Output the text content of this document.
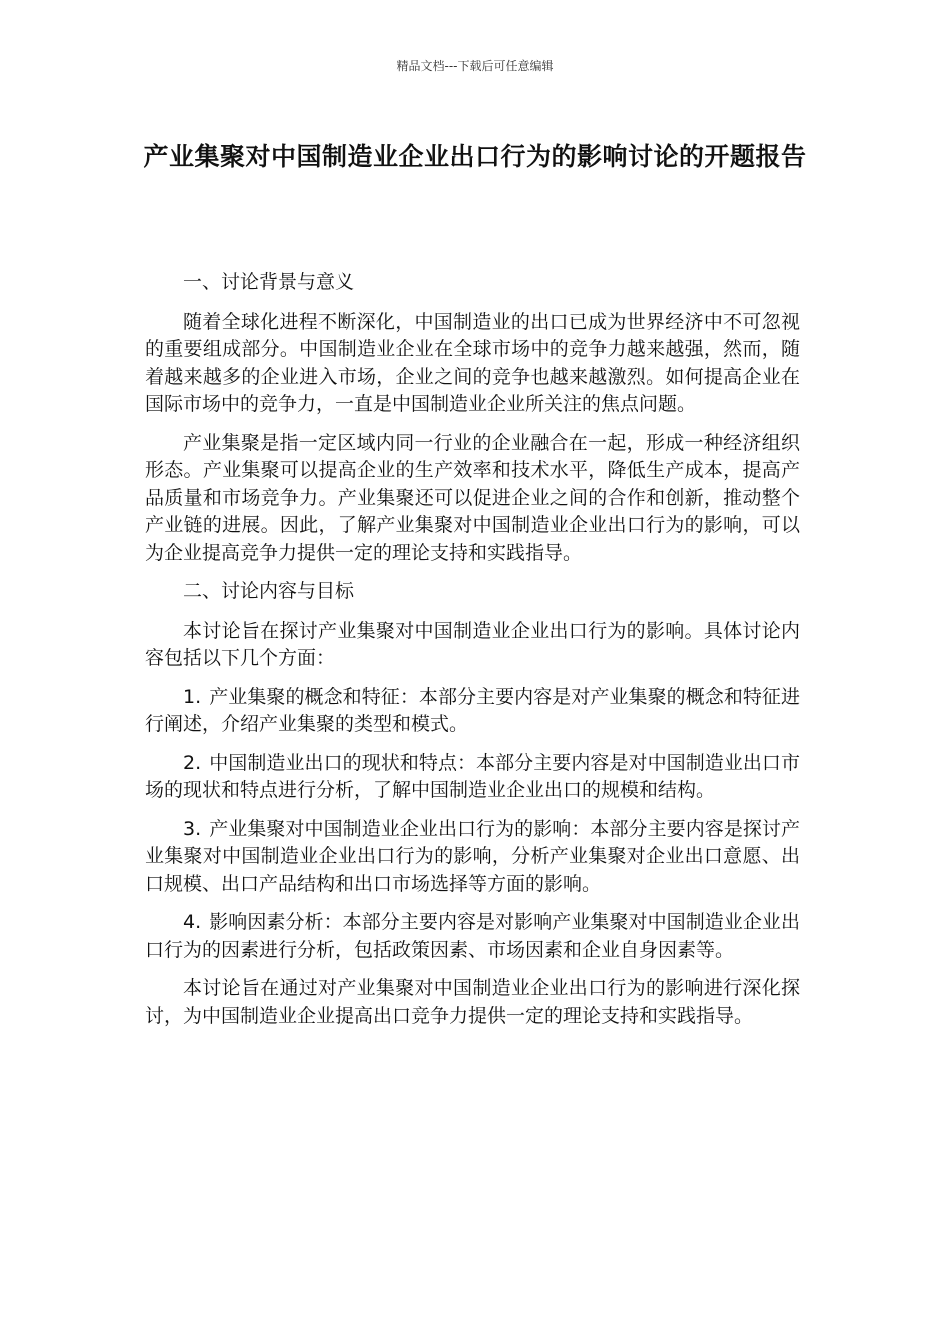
精品文档---下载后可任意编辑
产业集聚对中国制造业企业出口行为的影响讨论的开题报告
一、讨论背景与意义

随着全球化进程不断深化，中国制造业的出口已成为世界经济中不可忽视的重要组成部分。中国制造业企业在全球市场中的竞争力越来越强，然而，随着越来越多的企业进入市场，企业之间的竞争也越来越激烈。如何提高企业在国际市场中的竞争力，一直是中国制造业企业所关注的焦点问题。

产业集聚是指一定区域内同一行业的企业融合在一起，形成一种经济组织形态。产业集聚可以提高企业的生产效率和技术水平，降低生产成本，提高产品质量和市场竞争力。产业集聚还可以促进企业之间的合作和创新，推动整个产业链的进展。因此，了解产业集聚对中国制造业企业出口行为的影响，可以为企业提高竞争力提供一定的理论支持和实践指导。

二、讨论内容与目标

本讨论旨在探讨产业集聚对中国制造业企业出口行为的影响。具体讨论内容包括以下几个方面：

1. 产业集聚的概念和特征：本部分主要内容是对产业集聚的概念和特征进行阐述，介绍产业集聚的类型和模式。

2. 中国制造业出口的现状和特点：本部分主要内容是对中国制造业出口市场的现状和特点进行分析，了解中国制造业企业出口的规模和结构。

3. 产业集聚对中国制造业企业出口行为的影响：本部分主要内容是探讨产业集聚对中国制造业企业出口行为的影响，分析产业集聚对企业出口意愿、出口规模、出口产品结构和出口市场选择等方面的影响。

4. 影响因素分析：本部分主要内容是对影响产业集聚对中国制造业企业出口行为的因素进行分析，包括政策因素、市场因素和企业自身因素等。

本讨论旨在通过对产业集聚对中国制造业企业出口行为的影响进行深化探讨，为中国制造业企业提高出口竞争力提供一定的理论支持和实践指导。
